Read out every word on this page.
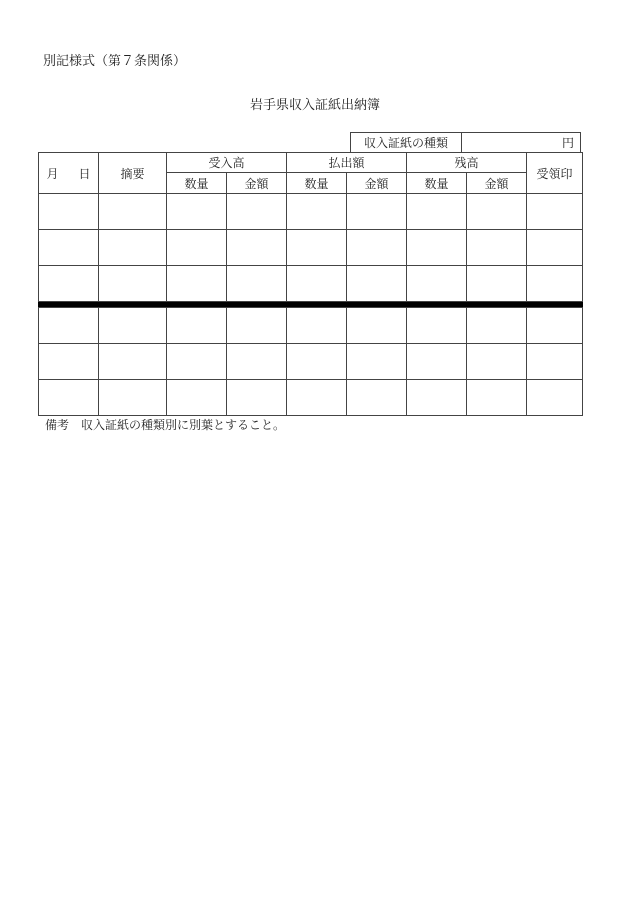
別記様式（第７条関係）
岩手県収入証紙出納簿
収入証紙の種類	円
月 日	摘要	受入高		払出額		残高		受領印
		数量	金額	数量	金額	数量	金額	

備考 収入証紙の種類別に別葉とすること。
